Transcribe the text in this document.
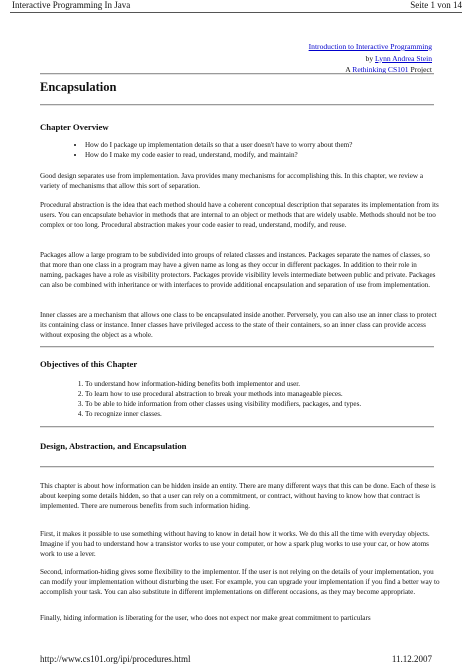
Interactive Programming In Java	Seite 1 von 14
Introduction to Interactive Programming
by Lynn Andrea Stein
A Rethinking CS101 Project
Encapsulation
Chapter Overview
• How do I package up implementation details so that a user doesn't have to worry about them?
• How do I make my code easier to read, understand, modify, and maintain?

Good design separates use from implementation. Java provides many mechanisms for accomplishing this. In this chapter, we review a variety of mechanisms that allow this sort of separation.

Procedural abstraction is the idea that each method should have a coherent conceptual description that separates its implementation from its users. You can encapsulate behavior in methods that are internal to an object or methods that are widely usable. Methods should not be too complex or too long. Procedural abstraction makes your code easier to read, understand, modify, and reuse.

Packages allow a large program to be subdivided into groups of related classes and instances. Packages separate the names of classes, so that more than one class in a program may have a given name as long as they occur in different packages. In addition to their role in naming, packages have a role as visibility protectors. Packages provide visibility levels intermediate between public and private. Packages can also be combined with inheritance or with interfaces to provide additional encapsulation and separation of use from implementation.

Inner classes are a mechanism that allows one class to be encapsulated inside another. Perversely, you can also use an inner class to protect its containing class or instance. Inner classes have privileged access to the state of their containers, so an inner class can provide access without exposing the object as a whole.

Objectives of this Chapter
1. To understand how information-hiding benefits both implementor and user.
2. To learn how to use procedural abstraction to break your methods into manageable pieces.
3. To be able to hide information from other classes using visibility modifiers, packages, and types.
4. To recognize inner classes.
Design, Abstraction, and Encapsulation

This chapter is about how information can be hidden inside an entity. There are many different ways that this can be done. Each of these is about keeping some details hidden, so that a user can rely on a commitment, or contract, without having to know how that contract is implemented. There are numerous benefits from such information hiding.

First, it makes it possible to use something without having to know in detail how it works. We do this all the time with everyday objects. Imagine if you had to understand how a transistor works to use your computer, or how a spark plug works to use your car, or how atoms work to use a lever.

Second, information-hiding gives some flexibility to the implementor. If the user is not relying on the details of your implementation, you can modify your implementation without disturbing the user. For example, you can upgrade your implementation if you find a better way to accomplish your task. You can also substitute in different implementations on different occasions, as they may become appropriate.

Finally, hiding information is liberating for the user, who does not expect nor make great commitment to particulars

http://www.cs101.org/ipi/procedures.html	11.12.2007
